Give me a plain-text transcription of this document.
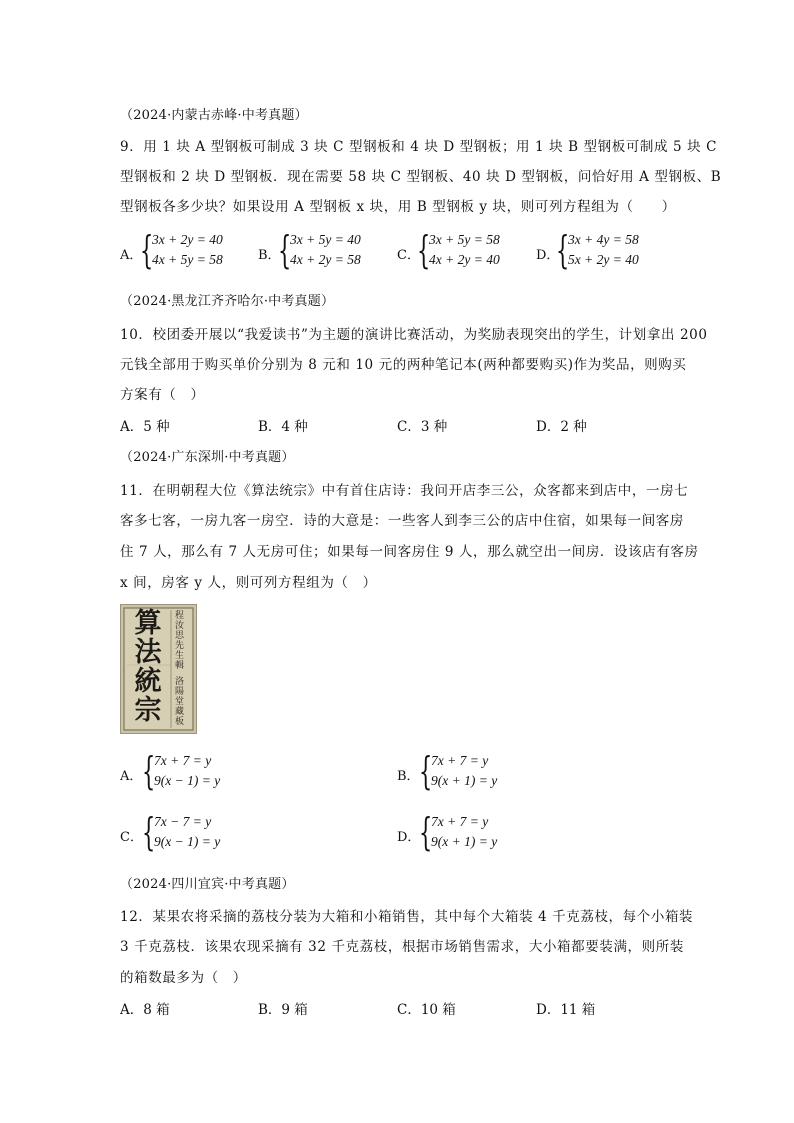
（2024·内蒙古赤峰·中考真题）
9．用 1 块 A 型钢板可制成 3 块 C 型钢板和 4 块 D 型钢板；用 1 块 B 型钢板可制成 5 块 C
型钢板和 2 块 D 型钢板．现在需要 58 块 C 型钢板、40 块 D 型钢板，问恰好用 A 型钢板、B
型钢板各多少块？如果设用 A 型钢板 x 块，用 B 型钢板 y 块，则可列方程组为（　　）
A．
{
3x + 2y = 40
4x + 5y = 58	B．
{
3x + 5y = 40
4x + 2y = 58	C．
{
3x + 5y = 58
4x + 2y = 40	D．
{
3x + 4y = 58
5x + 2y = 40
（2024·黑龙江齐齐哈尔·中考真题）
10．校团委开展以“我爱读书”为主题的演讲比赛活动，为奖励表现突出的学生，计划拿出 200
元钱全部用于购买单价分别为 8 元和 10 元的两种笔记本(两种都要购买)作为奖品，则购买
方案有（　）
A．5 种	B．4 种	C．3 种	D．2 种
（2024·广东深圳·中考真题）
11．在明朝程大位《算法统宗》中有首住店诗：我问开店李三公，众客都来到店中，一房七
客多七客，一房九客一房空．诗的大意是：一些客人到李三公的店中住宿，如果每一间客房
住 7 人，那么有 7 人无房可住；如果每一间客房住 9 人，那么就空出一间房．设该店有客房
x 间，房客 y 人，则可列方程组为（　）
算法統宗
程汝思先生輯
洛陽堂藏板
A． {
7x + 7 = y
9(x − 1) = y	B． {
7x + 7 = y
9(x + 1) = y
C． {
7x − 7 = y
9(x − 1) = y	D．
{
7x + 7 = y
9(x + 1) = y
（2024·四川宜宾·中考真题）
12．某果农将采摘的荔枝分装为大箱和小箱销售，其中每个大箱装 4 千克荔枝，每个小箱装
3 千克荔枝．该果农现采摘有 32 千克荔枝，根据市场销售需求，大小箱都要装满，则所装
的箱数最多为（　）
A．8 箱	B．9 箱	C．10 箱	D．11 箱
